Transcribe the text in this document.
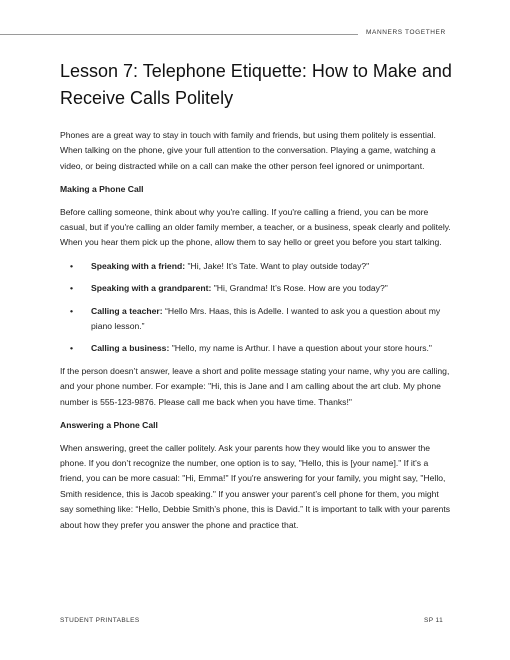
MANNERS TOGETHER
Lesson 7: Telephone Etiquette: How to Make and Receive Calls Politely

Phones are a great way to stay in touch with family and friends, but using them politely is essential. When talking on the phone, give your full attention to the conversation. Playing a game, watching a video, or being distracted while on a call can make the other person feel ignored or unimportant.

Making a Phone Call

Before calling someone, think about why you're calling. If you're calling a friend, you can be more casual, but if you're calling an older family member, a teacher, or a business, speak clearly and politely. When you hear them pick up the phone, allow them to say hello or greet you before you start talking.

• Speaking with a friend: "Hi, Jake! It’s Tate. Want to play outside today?"
• Speaking with a grandparent: "Hi, Grandma! It’s Rose. How are you today?"
• Calling a teacher: “Hello Mrs. Haas, this is Adelle. I wanted to ask you a question about my piano lesson.”
• Calling a business: "Hello, my name is Arthur. I have a question about your store hours."

If the person doesn’t answer, leave a short and polite message stating your name, why you are calling, and your phone number. For example: "Hi, this is Jane and I am calling about the art club. My phone number is 555-123-9876. Please call me back when you have time. Thanks!"

Answering a Phone Call

When answering, greet the caller politely. Ask your parents how they would like you to answer the phone. If you don’t recognize the number, one option is to say, "Hello, this is [your name]." If it's a friend, you can be more casual: "Hi, Emma!" If you're answering for your family, you might say, "Hello, Smith residence, this is Jacob speaking." If you answer your parent’s cell phone for them, you might say something like: “Hello, Debbie Smith’s phone, this is David.” It is important to talk with your parents about how they prefer you answer the phone and practice that.

STUDENT PRINTABLES	SP 11
